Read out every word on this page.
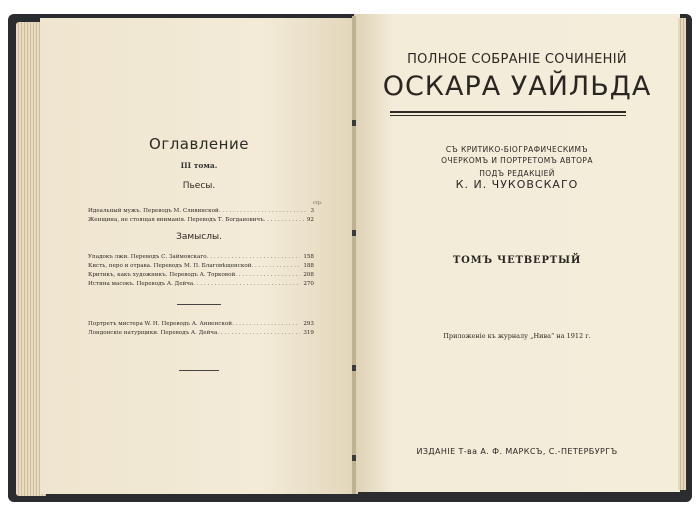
Оглавление
III тома.
Пьесы.
стр.
Идеальный мужъ. Переводъ М. Сливинской . . .	3
Женщина, не стоящая вниманія. Переводъ Т. Богдановичъ . . .	92
Замыслы.
Упадокъ лжи. Переводъ С. Займовскаго . . .	158
Кисть, перо и отрава. Переводъ М. П. Благовѣщенской . . .	188
Критикъ, какъ художникъ. Переводъ А. Торковой . . .	208
Истина масокъ. Переводъ А. Дейча . . .	270
Портретъ мистера W. H. Переводъ А. Анненской . . .	293
Лондонскіе натурщики. Переводъ А. Дейча . . .	319
ПОЛНОЕ СОБРАНІЕ СОЧИНЕНІЙ
ОСКАРА УАЙЛЬДА
СЪ КРИТИКО-БІОГРАФИЧЕСКИМЪ
ОЧЕРКОМЪ И ПОРТРЕТОМЪ АВТОРА
ПОДЪ РЕДАКЦІЕЙ
К. И. ЧУКОВСКАГО
ТОМЪ ЧЕТВЕРТЫЙ
Приложеніе къ журналу „Нива“ на 1912 г.
ИЗДАНІЕ Т-ва А. Ф. МАРКСЪ, С.-ПЕТЕРБУРГЪ
